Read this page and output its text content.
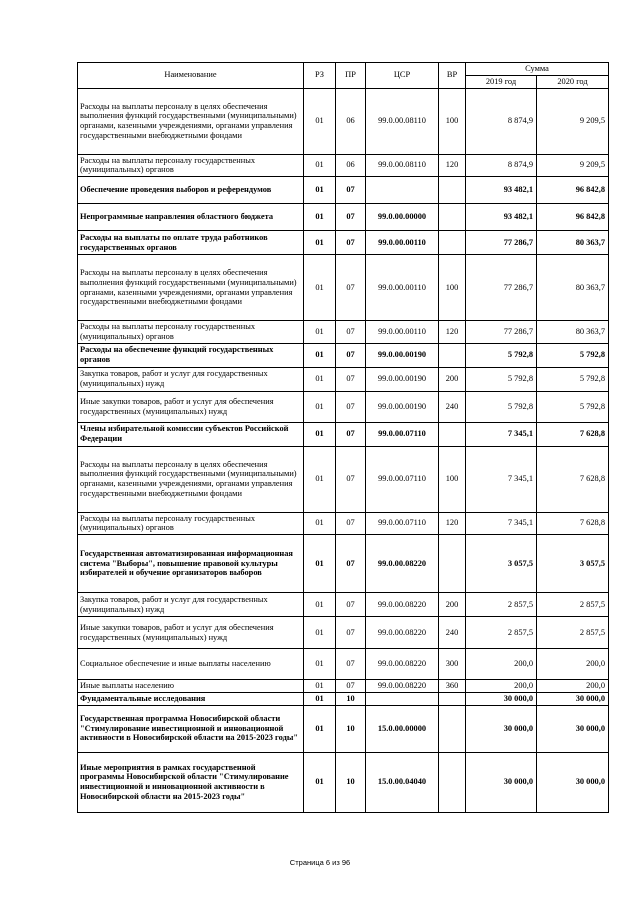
Наименование	РЗ	ПР	ЦСР	ВР	Сумма	
					2019 год	2020 год
Расходы на выплаты персоналу в целях обеспечения выполнения функций государственными (муниципальными) органами, казенными учреждениями, органами управления государственными внебюджетными фондами	01	06	99.0.00.08110	100	8 874,9	9 209,5
Расходы на выплаты персоналу государственных (муниципальных) органов	01	06	99.0.00.08110	120	8 874,9	9 209,5
Обеспечение проведения выборов и референдумов	01	07			93 482,1	96 842,8
Непрограммные направления областного бюджета	01	07	99.0.00.00000		93 482,1	96 842,8
Расходы на выплаты по оплате труда работников государственных органов	01	07	99.0.00.00110		77 286,7	80 363,7
Расходы на выплаты персоналу в целях обеспечения выполнения функций государственными (муниципальными) органами, казенными учреждениями, органами управления государственными внебюджетными фондами	01	07	99.0.00.00110	100	77 286,7	80 363,7
Расходы на выплаты персоналу государственных (муниципальных) органов	01	07	99.0.00.00110	120	77 286,7	80 363,7
Расходы на обеспечение функций государственных органов	01	07	99.0.00.00190		5 792,8	5 792,8
Закупка товаров, работ и услуг для государственных (муниципальных) нужд	01	07	99.0.00.00190	200	5 792,8	5 792,8
Иные закупки товаров, работ и услуг для обеспечения государственных (муниципальных) нужд	01	07	99.0.00.00190	240	5 792,8	5 792,8
Члены избирательной комиссии субъектов Российской Федерации	01	07	99.0.00.07110		7 345,1	7 628,8
Расходы на выплаты персоналу в целях обеспечения выполнения функций государственными (муниципальными) органами, казенными учреждениями, органами управления государственными внебюджетными фондами	01	07	99.0.00.07110	100	7 345,1	7 628,8
Расходы на выплаты персоналу государственных (муниципальных) органов	01	07	99.0.00.07110	120	7 345,1	7 628,8
Государственная автоматизированная информационная система "Выборы", повышение правовой культуры избирателей и обучение организаторов выборов	01	07	99.0.00.08220		3 057,5	3 057,5
Закупка товаров, работ и услуг для государственных (муниципальных) нужд	01	07	99.0.00.08220	200	2 857,5	2 857,5
Иные закупки товаров, работ и услуг для обеспечения государственных (муниципальных) нужд	01	07	99.0.00.08220	240	2 857,5	2 857,5
Социальное обеспечение и иные выплаты населению	01	07	99.0.00.08220	300	200,0	200,0
Иные выплаты населению	01	07	99.0.00.08220	360	200,0	200,0
Фундаментальные исследования	01	10			30 000,0	30 000,0
Государственная программа Новосибирской области "Стимулирование инвестиционной и инновационной активности в Новосибирской области на 2015-2023 годы"	01	10	15.0.00.00000		30 000,0	30 000,0
Иные мероприятия в рамках государственной программы Новосибирской области "Стимулирование инвестиционной и инновационной активности в Новосибирской области на 2015-2023 годы"	01	10	15.0.00.04040		30 000,0	30 000,0
Страница 6 из 96
